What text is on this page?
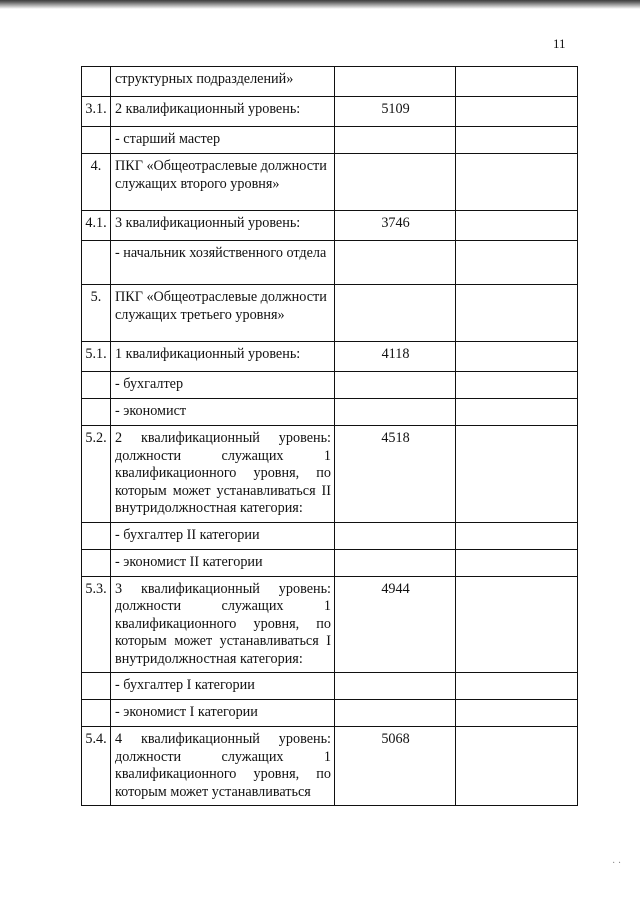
11
	структурных подразделений»		
3.1.	2 квалификационный уровень:	5109	
	- старший мастер		
4.	ПКГ «Общеотраслевые должности служащих второго уровня»		
4.1.	3 квалификационный уровень:	3746	
	- начальник хозяйственного отдела		
5.	ПКГ «Общеотраслевые должности служащих третьего уровня»		
5.1.	1 квалификационный уровень:	4118	
	- бухгалтер		
	- экономист		
5.2.	2 квалификационный уровень: должности служащих 1 квалификационного уровня, по которым может устанавливаться II внутридолжностная категория:	4518	
	- бухгалтер II категории		
	- экономист II категории		
5.3.	3 квалификационный уровень: должности служащих 1 квалификационного уровня, по которым может устанавливаться I внутридолжностная категория:	4944	
	- бухгалтер I категории		
	- экономист I категории		
5.4.	4 квалификационный уровень: должности служащих 1 квалификационного уровня, по которым может устанавливаться	5068	
· ·
